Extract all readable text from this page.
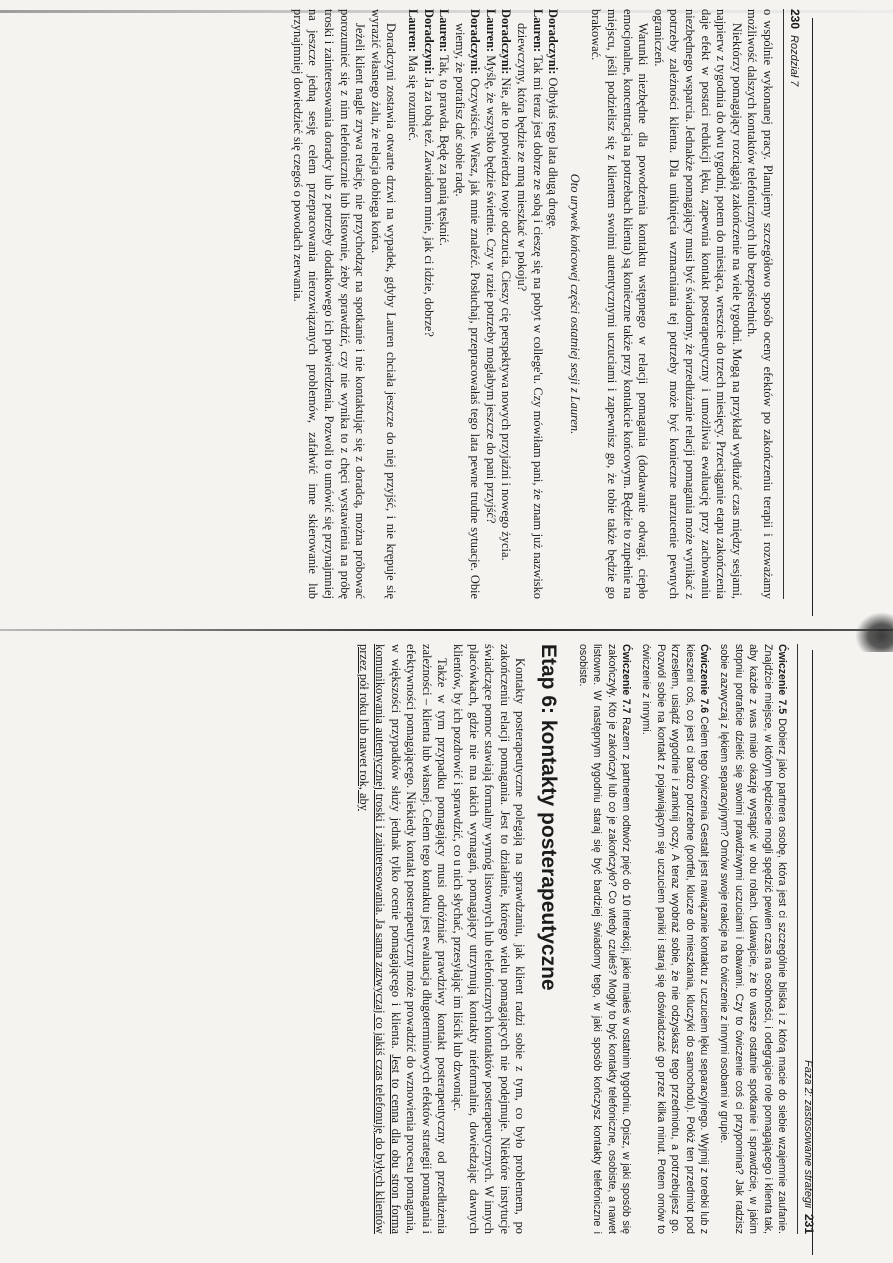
230
Rozdział 7

o wspólnie wykonanej pracy. Planujemy szczegółowo sposób oceny efektów po zakończeniu terapii i rozważamy możliwość dalszych kontaktów telefonicznych lub bezpośrednich.

Niektórzy pomagający rozciągają zakończenie na wiele tygodni. Mogą na przykład wydłużać czas między sesjami, najpierw z tygodnia do dwu tygodni, potem do miesiąca, wreszcie do trzech miesięcy. Przeciąganie etapu zakończenia daje efekt w postaci redukcji lęku, zapewnia kontakt posterapeutyczny i umożliwia ewaluację przy zachowaniu niezbędnego wsparcia. Jednakże pomagający musi być świadomy, że przedłużanie relacji pomagania może wynikać z potrzeby zależności klienta. Dla uniknięcia wzmacniania tej potrzeby może być konieczne narzucenie pewnych ograniczeń.

Warunki niezbędne dla powodzenia kontaktu wstępnego w relacji pomagania (dodawanie odwagi, ciepło emocjonalne, koncentracja na potrzebach klienta) są konieczne także przy kontakcie końcowym. Będzie to zupełnie na miejscu, jeśli podzielisz się z klientem swoimi autentycznymi uczuciami i zapewnisz go, że tobie także będzie go brakować.

Oto urywek końcowej części ostatniej sesji z Lauren.

Doradczyni: Odbyłaś tego lata długą drogę.

Lauren: Tak mi teraz jest dobrze ze sobą i cieszę się na pobyt w college'u. Czy mówiłam pani, że znam już nazwisko dziewczyny, która będzie ze mną mieszkać w pokoju?

Doradczyni: Nie, ale to potwierdza twoje odczucia. Cieszy cię perspektywa nowych przyjaźni i nowego życia.

Lauren: Myślę, że wszystko będzie świetnie. Czy w razie potrzeby mogłabym jeszcze do pani przyjść?

Doradczyni: Oczywiście. Wiesz, jak mnie znaleźć. Posłuchaj, przepracowałaś tego lata pewne trudne sytuacje. Obie wiemy, że potrafisz dać sobie radę.

Lauren: Tak, to prawda. Będę za panią tęsknić.

Doradczyni: Ja za tobą też. Zawiadom mnie, jak ci idzie, dobrze?

Lauren: Ma się rozumieć.

Doradczyni zostawia otwarte drzwi na wypadek, gdyby Lauren chciała jeszcze do niej przyjść, i nie krępuje się wyrazić własnego żalu, że relacja dobiega końca.

Jeżeli klient nagle zrywa relację, nie przychodząc na spotkanie i nie kontaktując się z doradcą, można próbować porozumieć się z nim telefonicznie lub listownie, żeby sprawdzić, czy nie wynika to z chęci wystawienia na próbę troski i zainteresowania doradcy lub z potrzeby dodatkowego ich potwierdzenia. Pozwoli to umówić się przynajmniej na jeszcze jedną sesję celem przepracowania nierozwiązanych problemów, zafałwić inne skierowanie lub przynajmniej dowiedzieć się czegoś o powodach zerwania.

Faza 2: zastosowanie strategii
231
Ćwiczenie 7.5 Dobierz jako partnera osobę, która jest ci szczególnie bliska i z którą macie do siebie wzajemnie zaufanie. Znajdźcie miejsce, w którym będziecie mogli spędzić pewien czas na osobności, i odegrajcie role pomagającego i klienta tak, aby każde z was miało okazję wystąpić w obu rolach. Udawajcie, że to wasze ostatnie spotkanie i sprawdźcie, w jakim stopniu potraficie dzielić się swoimi prawdziwymi uczuciami i obawami. Czy to ćwiczenie coś ci przypomina? Jak radzisz sobie zazwyczaj z lękiem separacyjnym? Omów swoje reakcje na to ćwiczenie z innymi osobami w grupie.
Ćwiczenie 7.6 Celem tego ćwiczenia Gestalt jest nawiązanie kontaktu z uczuciem lęku separacyjnego. Wyjmij z torebki lub z kieszeni coś, co jest ci bardzo potrzebne (portfel, klucze do mieszkania, kluczyki do samochodu). Połóż ten przedmiot pod krzesłem, usiądź wygodnie i zamknij oczy. A teraz wyobraź sobie, że nie odzyskasz tego przedmiotu, a potrzebujesz go. Pozwól sobie na kontakt z pojawiającym się uczuciem paniki i staraj się doświadczać go przez kilka minut. Potem omów to ćwiczenie z innymi.
Ćwiczenie 7.7 Razem z partnerem odtwórz pięć do 10 interakcji, jakie miałeś w ostatnim tygodniu. Opisz, w jaki sposób się zakończyły. Kto je zakończył lub co je zakończyło? Co wtedy czułeś? Mogły to być kontakty telefoniczne, osobiste, a nawet listowne. W następnym tygodniu staraj się być bardziej świadomy tego, w jaki sposób kończysz kontakty telefoniczne i osobiste.
Etap 6: kontakty posterapeutyczne

Kontakty posterapeutyczne polegają na sprawdzaniu, jak klient radzi sobie z tym, co było problemem, po zakończeniu relacji pomagania. Jest to działanie, którego wielu pomagających nie podejmuje. Niektóre instytucje świadczące pomoc stawiają formalny wymóg listownych lub telefonicznych kontaktów posterapeutycznych. W innych placówkach, gdzie nie ma takich wymagań, pomagający utrzymują kontakty nieformalnie, dowiedzając dawnych klientów, by ich pozdrowić i sprawdzić, co u nich słychać, przesyłając im liścik lub dzwoniąc.

Także w tym przypadku pomagający musi odróżniać prawdziwy kontakt posterapeutyczny od przedłużenia zależności – klienta lub własnej. Celem tego kontaktu jest ewaluacja długoterminowych efektów strategii pomagania i efektywności pomagającego. Niekiedy kontakt posterapeutyczny może prowadzić do wznowienia procesu pomagania, w większości przypadków służy jednak tylko ocenie pomagającego i klienta. Jest to cenna dla obu stron forma komunikowania autentycznej troski i zainteresowania. Ja sama zazwyczaj co jakiś czas telefonuję do byłych klientów przez pół roku lub nawet rok, aby
